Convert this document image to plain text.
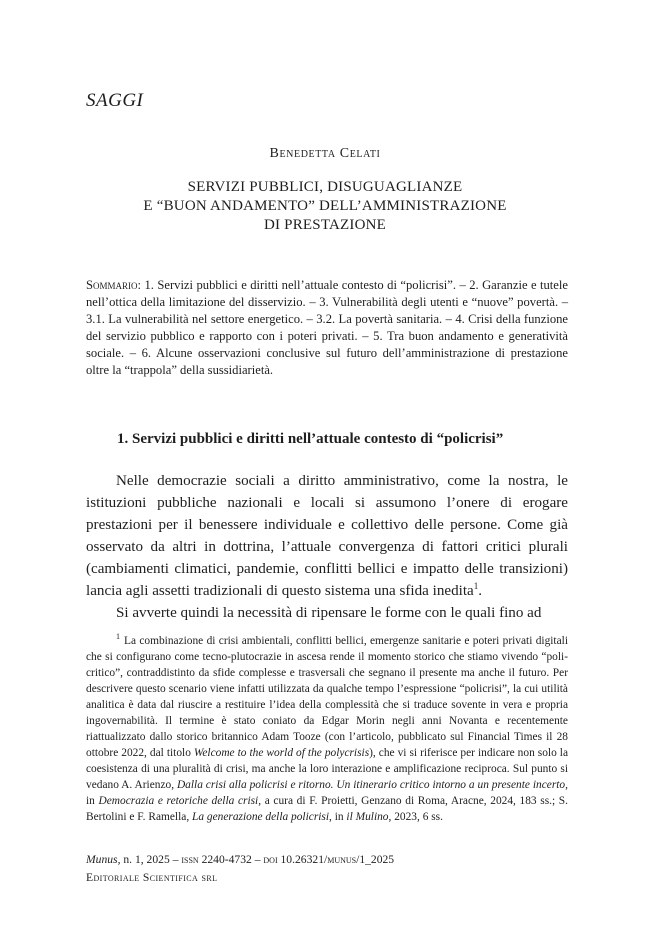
SAGGI
Benedetta Celati
SERVIZI PUBBLICI, DISUGUAGLIANZE
E “BUON ANDAMENTO” DELL’AMMINISTRAZIONE
DI PRESTAZIONE
Sommario: 1. Servizi pubblici e diritti nell’attuale contesto di “policrisi”. – 2. Garanzie e tutele nell’ottica della limitazione del disservizio. – 3. Vulnerabilità degli utenti e “nuove” povertà. – 3.1. La vulnerabilità nel settore energetico. – 3.2. La povertà sanitaria. – 4. Crisi della funzione del servizio pubblico e rapporto con i poteri privati. – 5. Tra buon andamento e generatività sociale. – 6. Alcune osservazioni conclusive sul futuro dell’amministrazione di prestazione oltre la “trappola” della sussidiarietà.
1. Servizi pubblici e diritti nell’attuale contesto di “policrisi”

Nelle democrazie sociali a diritto amministrativo, come la nostra, le istituzioni pubbliche nazionali e locali si assumono l’onere di erogare prestazioni per il benessere individuale e collettivo delle persone. Come già osservato da altri in dottrina, l’attuale convergenza di fattori critici plurali (cambiamenti climatici, pandemie, conflitti bellici e impatto delle transizioni) lancia agli assetti tradizionali di questo sistema una sfida inedita$^1$.

Si avverte quindi la necessità di ripensare le forme con le quali fino ad

$^1$ La combinazione di crisi ambientali, conflitti bellici, emergenze sanitarie e poteri privati digitali che si configurano come tecno-plutocrazie in ascesa rende il momento storico che stiamo vivendo “poli-critico”, contraddistinto da sfide complesse e trasversali che segnano il presente ma anche il futuro. Per descrivere questo scenario viene infatti utilizzata da qualche tempo l’espressione “policrisi”, la cui utilità analitica è data dal riuscire a restituire l’idea della complessità che si traduce sovente in vera e propria ingovernabilità. Il termine è stato coniato da Edgar Morin negli anni Novanta e recentemente riattualizzato dallo storico britannico Adam Tooze (con l’articolo, pubblicato sul Financial Times il 28 ottobre 2022, dal titolo Welcome to the world of the polycrisis), che vi si riferisce per indicare non solo la coesistenza di una pluralità di crisi, ma anche la loro interazione e amplificazione reciproca. Sul punto si vedano A. Arienzo, Dalla crisi alla policrisi e ritorno. Un itinerario critico intorno a un presente incerto, in Democrazia e retoriche della crisi, a cura di F. Proietti, Genzano di Roma, Aracne, 2024, 183 ss.; S. Bertolini e F. Ramella, La generazione della policrisi, in il Mulino, 2023, 6 ss.

Munus, n. 1, 2025 – issn 2240-4732 – doi 10.26321/munus/1_2025
Editoriale Scientifica srl
